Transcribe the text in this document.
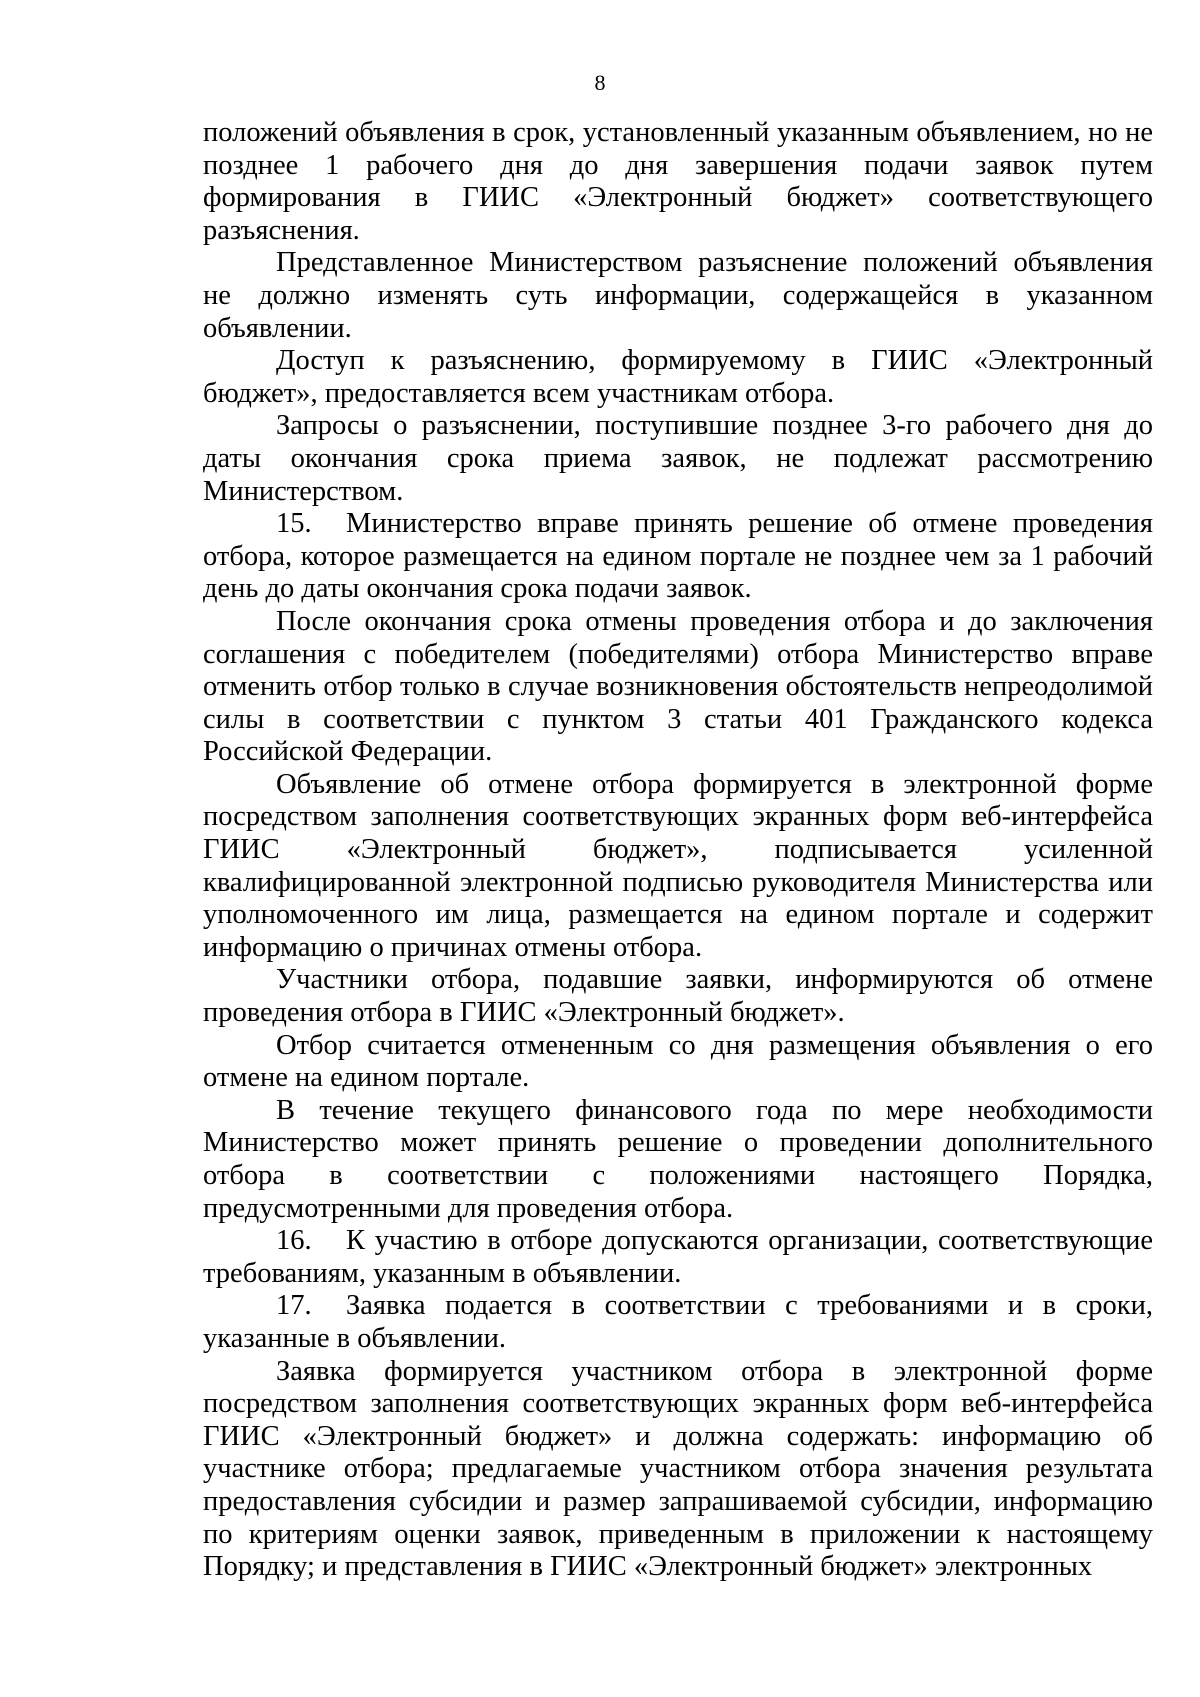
8

положений объявления в срок, установленный указанным объявлением, но не позднее 1 рабочего дня до дня завершения подачи заявок путем формирования в ГИИС «Электронный бюджет» соответствующего разъяснения.

Представленное Министерством разъяснение положений объявления не должно изменять суть информации, содержащейся в указанном объявлении.

Доступ к разъяснению, формируемому в ГИИС «Электронный бюджет», предоставляется всем участникам отбора.

Запросы о разъяснении, поступившие позднее 3-го рабочего дня до даты окончания срока приема заявок, не подлежат рассмотрению Министерством.

15. Министерство вправе принять решение об отмене проведения отбора, которое размещается на едином портале не позднее чем за 1 рабочий день до даты окончания срока подачи заявок.

После окончания срока отмены проведения отбора и до заключения соглашения с победителем (победителями) отбора Министерство вправе отменить отбор только в случае возникновения обстоятельств непреодолимой силы в соответствии с пунктом 3 статьи 401 Гражданского кодекса Российской Федерации.

Объявление об отмене отбора формируется в электронной форме посредством заполнения соответствующих экранных форм веб-интерфейса ГИИС «Электронный бюджет», подписывается усиленной квалифицированной электронной подписью руководителя Министерства или уполномоченного им лица, размещается на едином портале и содержит информацию о причинах отмены отбора.

Участники отбора, подавшие заявки, информируются об отмене проведения отбора в ГИИС «Электронный бюджет».

Отбор считается отмененным со дня размещения объявления о его отмене на едином портале.

В течение текущего финансового года по мере необходимости Министерство может принять решение о проведении дополнительного отбора в соответствии с положениями настоящего Порядка, предусмотренными для проведения отбора.

16. К участию в отборе допускаются организации, соответствующие требованиям, указанным в объявлении.

17. Заявка подается в соответствии с требованиями и в сроки, указанные в объявлении.

Заявка формируется участником отбора в электронной форме посредством заполнения соответствующих экранных форм веб-интерфейса ГИИС «Электронный бюджет» и должна содержать: информацию об участнике отбора; предлагаемые участником отбора значения результата предоставления субсидии и размер запрашиваемой субсидии, информацию по критериям оценки заявок, приведенным в приложении к настоящему Порядку; и представления в ГИИС «Электронный бюджет» электронных
